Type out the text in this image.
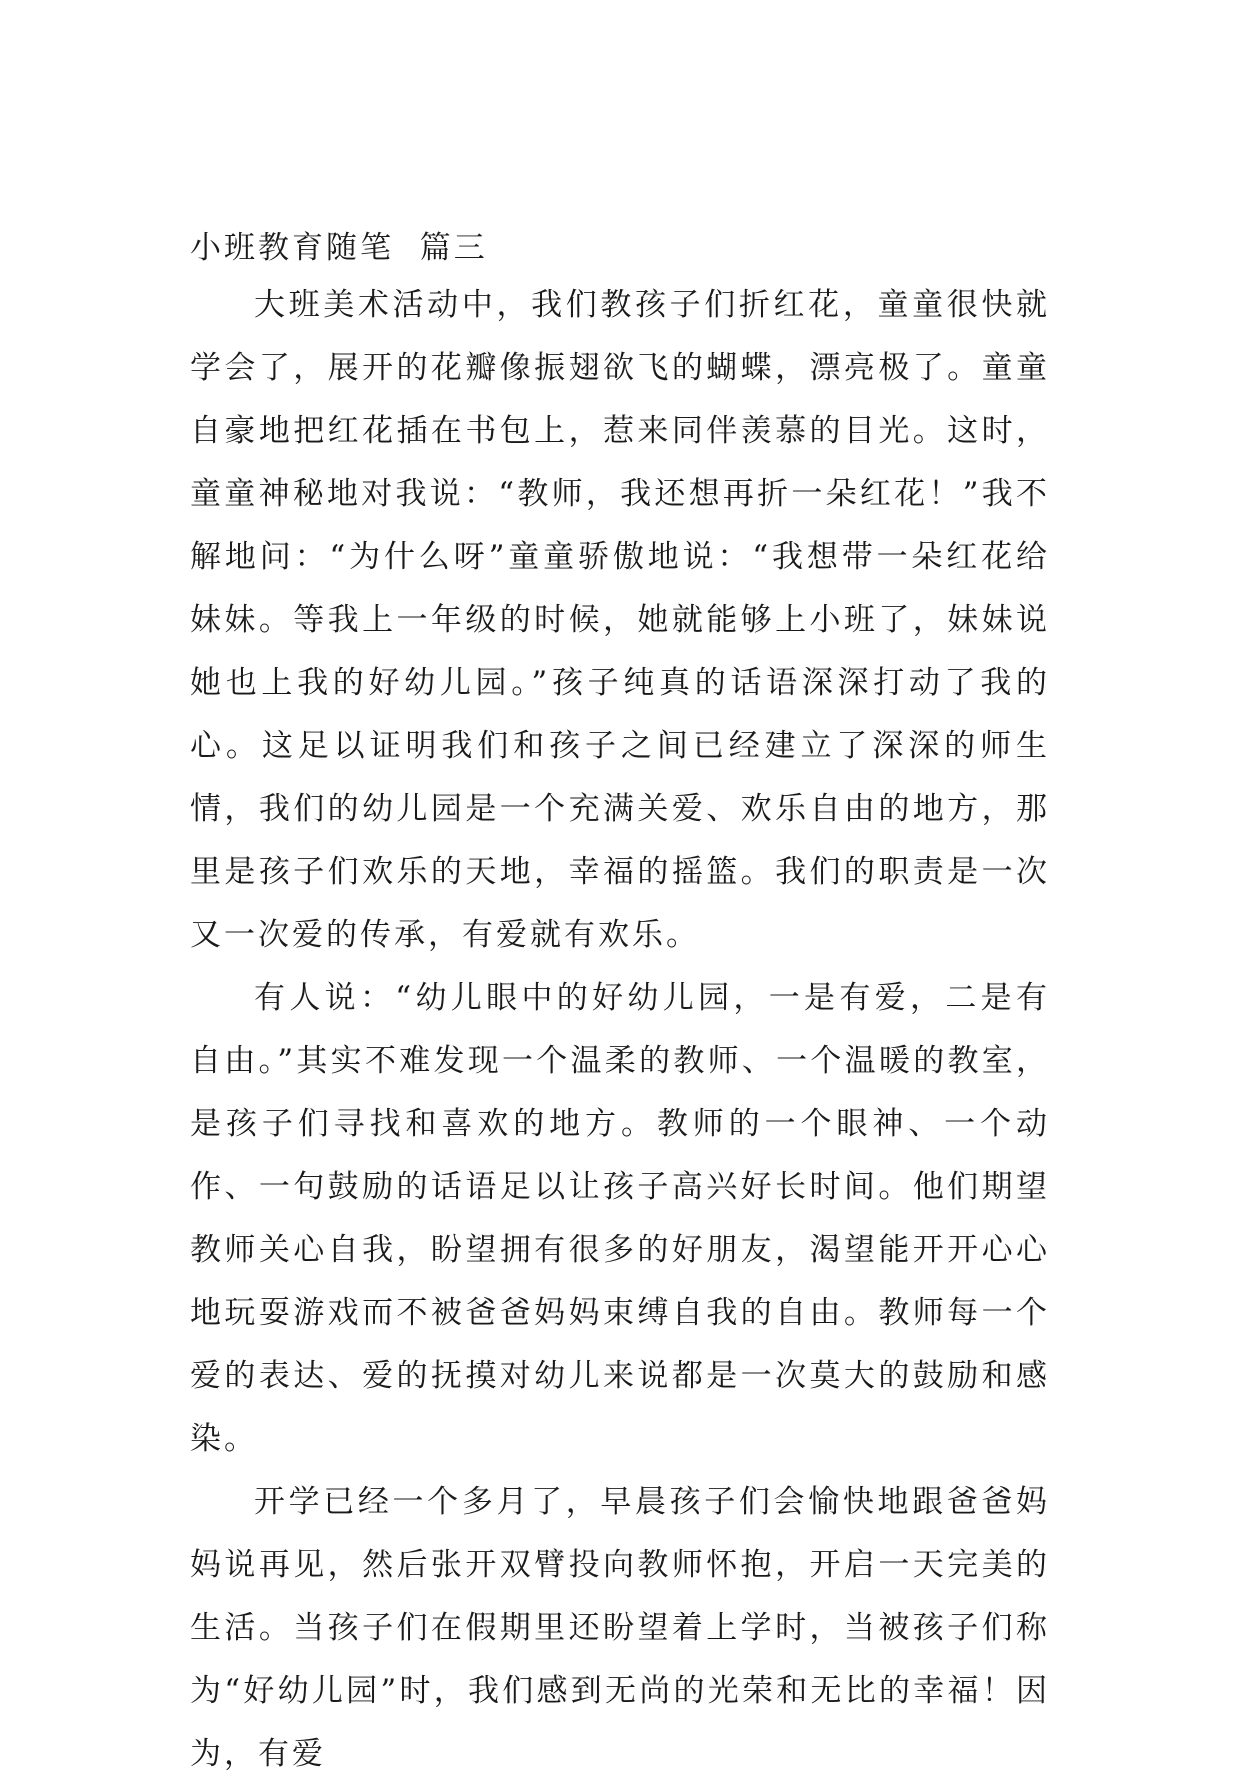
小班教育随笔  篇三

大班美术活动中，我们教孩子们折红花，童童很快就学会了，展开的花瓣像振翅欲飞的蝴蝶，漂亮极了。童童自豪地把红花插在书包上，惹来同伴羡慕的目光。这时，童童神秘地对我说：“教师，我还想再折一朵红花！”我不解地问：“为什么呀”童童骄傲地说：“我想带一朵红花给妹妹。等我上一年级的时候，她就能够上小班了，妹妹说她也上我的好幼儿园。”孩子纯真的话语深深打动了我的心。这足以证明我们和孩子之间已经建立了深深的师生情，我们的幼儿园是一个充满关爱、欢乐自由的地方，那里是孩子们欢乐的天地，幸福的摇篮。我们的职责是一次又一次爱的传承，有爱就有欢乐。

有人说：“幼儿眼中的好幼儿园，一是有爱，二是有自由。”其实不难发现一个温柔的教师、一个温暖的教室，是孩子们寻找和喜欢的地方。教师的一个眼神、一个动作、一句鼓励的话语足以让孩子高兴好长时间。他们期望教师关心自我，盼望拥有很多的好朋友，渴望能开开心心地玩耍游戏而不被爸爸妈妈束缚自我的自由。教师每一个爱的表达、爱的抚摸对幼儿来说都是一次莫大的鼓励和感染。

开学已经一个多月了，早晨孩子们会愉快地跟爸爸妈妈说再见，然后张开双臂投向教师怀抱，开启一天完美的生活。当孩子们在假期里还盼望着上学时，当被孩子们称为“好幼儿园”时，我们感到无尚的光荣和无比的幸福！因为，有爱
